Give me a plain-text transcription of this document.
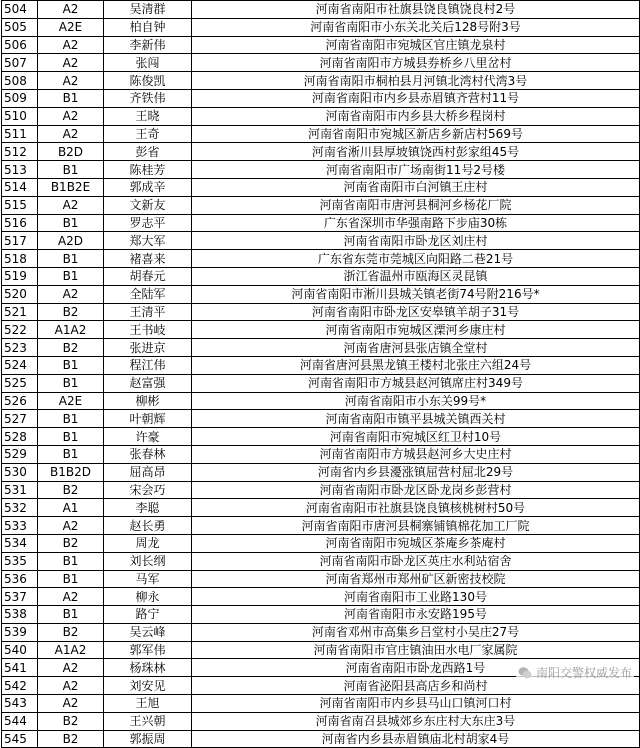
504	A2	吴清群	河南省南阳市社旗县饶良镇饶良村2号
505	A2E	柏自钟	河南省南阳市小东关北关后128号附3号
506	A2	李新伟	河南省南阳市宛城区官庄镇龙泉村
507	A2	张闯	河南省南阳市方城县券桥乡八里岔村
508	A2	陈俊凯	河南省南阳市桐柏县月河镇北湾村代湾3号
509	B1	齐铁伟	河南省南阳市内乡县赤眉镇齐营村11号
510	A2	王晓	河南省南阳市内乡县大桥乡程岗村
511	A2	王奇	河南省南阳市宛城区新店乡新店村569号
512	B2D	彭省	河南省淅川县厚坡镇饶西村彭家组45号
513	B1	陈桂芳	河南省南阳市广场南街11号2号楼
514	B1B2E	郭成辛	河南省南阳市白河镇王庄村
515	A2	文新友	河南省南阳市唐河县桐河乡杨花厂院
516	B1	罗志平	广东省深圳市华强南路下步庙30栋
517	A2D	郑大军	河南省南阳市卧龙区刘庄村
518	B1	褚喜来	广东省东莞市莞城区向阳路二巷21号
519	B1	胡春元	浙江省温州市瓯海区灵昆镇
520	A2	全陆军	河南省南阳市淅川县城关镇老街74号附216号*
521	B2	王清平	河南省南阳市卧龙区安皋镇羊胡子31号
522	A1A2	王书岐	河南省南阳市宛城区溧河乡康庄村
523	B2	张进京	河南省唐河县张店镇全堂村
524	B1	程江伟	河南省唐河县黑龙镇王楼村北张庄六组24号
525	B1	赵富强	河南省南阳市方城县赵河镇席庄村349号
526	A2E	柳彬	河南省南阳市小东关99号*
527	B1	叶朝辉	河南省南阳市镇平县城关镇西关村
528	B1	许豪	河南省南阳市宛城区红卫村10号
529	B1	张春林	河南省南阳市方城县赵河乡大史庄村
530	B1B2D	屈高昂	河南省内乡县瀀涨镇屈营村屈北29号
531	B2	宋会巧	河南省南阳市卧龙区卧龙岗乡彭营村
532	A1	李聪	河南省南阳市社旗县饶良镇核桃树村50号
533	A2	赵长勇	河南省南阳市唐河县桐寨铺镇棉花加工厂院
534	B2	周龙	河南省南阳市宛城区茶庵乡茶庵村
535	B1	刘长纲	河南省南阳市卧龙区英庄水利站宿舍
536	B1	马军	河南省郑州市郑州矿区新密技校院
537	A2	柳永	河南省南阳市工业路130号
538	B1	路宁	河南省南阳市永安路195号
539	B2	吴云峰	河南省邓州市高集乡吕堂村小吴庄27号
540	A1A2	郭军伟	河南省南阳市官庄镇油田水电厂家属院
541	A2	杨珠林	河南省南阳市卧龙西路1号
542	A2	刘安见	河南省泌阳县高店乡和尚村
543	A2	王旭	河南省南阳市内乡县马山口镇河口村
544	B2	王兴朝	河南省南召县城郊乡东庄村大东庄3号
545	B2	郭振周	河南省内乡县赤眉镇庙北村胡家4号
南阳交警权威发布
